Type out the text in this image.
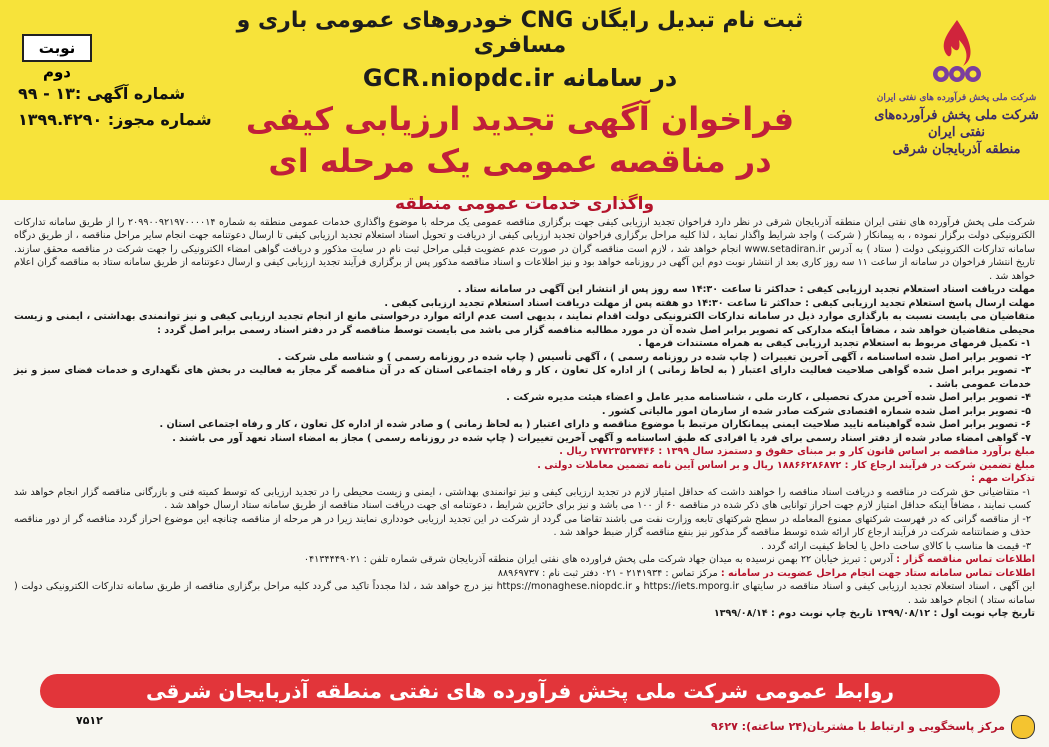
شرکت ملی پخش فرآورده های نفتی ایران
شرکت ملی پخش فرآورده‌های نفتی ایران
منطقه آذربایجان شرقی
ثبت نام تبدیل رایگان CNG خودروهای عمومی باری و مسافری
در سامانه GCR.niopdc.ir
فراخوان آگهی تجدید ارزیابی کیفی
در مناقصه عمومی یک مرحله ای
نوبت دوم
شماره آگهی :۱۳ - ۹۹
شماره مجوز: ۱۳۹۹.۴۲۹۰
واگذاری خدمات عمومی منطقه

شرکت ملی پخش فرآورده های نفتی ایران منطقه آذربایجان شرقی در نظر دارد فراخوان تجدید ارزیابی کیفی جهت برگزاری مناقصه عمومی یک مرحله با موضوع واگذاری خدمات عمومی منطقه به شماره ۲۰۹۹۰۰۹۲۱۹۷۰۰۰۰۱۴ را از طریق سامانه تدارکات الکترونیکی دولت برگزار نموده ، به پیمانکار ( شرکت ) واجد شرایط واگذار نماید ، لذا کلیه مراحل برگزاری فراخوان تجدید ارزیابی کیفی از دریافت و تحویل اسناد استعلام تجدید ارزیابی کیفی تا ارسال دعوتنامه جهت انجام سایر مراحل مناقصه ، از طریق درگاه سامانه تدارکات الکترونیکی دولت ( ستاد ) به آدرس www.setadiran.ir انجام خواهد شد ، لازم است مناقصه گران در صورت عدم عضویت قبلی مراحل ثبت نام در سایت مذکور و دریافت گواهی امضاء الکترونیکی را جهت شرکت در مناقصه محقق سازند. تاریخ انتشار فراخوان در سامانه از ساعت ۱۱ سه روز کاری بعد از انتشار نوبت دوم این آگهی در روزنامه خواهد بود و نیز اطلاعات و اسناد مناقصه مذکور پس از برگزاری فرآیند تجدید ارزیابی کیفی و ارسال دعوتنامه از طریق سامانه ستاد به مناقصه گران اعلام خواهد شد .

مهلت دریافت اسناد استعلام تجدید ارزیابی کیفی : حداکثر تا ساعت ۱۴:۳۰ سه روز پس از انتشار این آگهی در سامانه ستاد .

مهلت ارسال پاسخ استعلام تجدید ارزیابی کیفی : حداکثر تا ساعت ۱۴:۳۰ دو هفته پس از مهلت دریافت اسناد استعلام تجدید ارزیابی کیفی .

متقاضیان می بایست نسبت به بارگذاری موارد ذیل در سامانه تدارکات الکترونیکی دولت اقدام نمایند ، بدیهی است عدم ارائه موارد درخواستی مانع از انجام تجدید ارزیابی کیفی و نیز توانمندی بهداشتی ، ایمنی و زیست محیطی متقاضیان خواهد شد ، مضافاً اینکه مدارکی که تصویر برابر اصل شده آن در مورد مطالبه مناقصه گزار می باشد می بایست توسط مناقصه گر در دفتر اسناد رسمی برابر اصل گردد :

۱- تکمیل فرمهای مربوط به استعلام تجدید ارزیابی کیفی به همراه مستندات فرمها .

۲- تصویر برابر اصل شده اساسنامه ، آگهی آخرین تغییرات ( چاپ شده در روزنامه رسمی ) ، آگهی تأسیس ( چاپ شده در روزنامه رسمی ) و شناسه ملی شرکت .

۳- تصویر برابر اصل شده گواهی صلاحیت فعالیت دارای اعتبار ( به لحاظ زمانی ) از اداره کل تعاون ، کار و رفاه اجتماعی استان که در آن مناقصه گر مجاز به فعالیت در بخش های نگهداری و خدمات فضای سبز و نیز خدمات عمومی باشد .

۴- تصویر برابر اصل شده آخرین مدرک تحصیلی ، کارت ملی ، شناسنامه مدیر عامل و اعضاء هیئت مدیره شرکت .

۵- تصویر برابر اصل شده شماره اقتصادی شرکت صادر شده از سازمان امور مالیاتی کشور .

۶- تصویر برابر اصل شده گواهینامه تایید صلاحیت ایمنی پیمانکاران مرتبط با موضوع مناقصه و دارای اعتبار ( به لحاظ زمانی ) و صادر شده از اداره کل تعاون ، کار و رفاه اجتماعی استان .

۷- گواهی امضاء صادر شده از دفتر اسناد رسمی برای فرد یا افرادی که طبق اساسنامه و آگهی آخرین تغییرات ( چاپ شده در روزنامه رسمی ) مجاز به امضاء اسناد تعهد آور می باشند .

مبلغ برآورد مناقصه بر اساس قانون کار و بر مبنای حقوق و دستمزد سال ۱۳۹۹ : ۲۷۷۲۳۵۳۷۴۴۶ ریال .

مبلغ تضمین شرکت در فرآیند ارجاع کار : ۱۸۸۶۶۲۸۶۸۷۲ ریال و بر اساس آیین نامه تضمین معاملات دولتی .

تذکرات مهم :

۱- متقاضیانی حق شرکت در مناقصه و دریافت اسناد مناقصه را خواهند داشت که حداقل امتیاز لازم در تجدید ارزیابی کیفی و نیز توانمندی بهداشتی ، ایمنی و زیست محیطی را در تجدید ارزیابی که توسط کمیته فنی و بازرگانی مناقصه گزار انجام خواهد شد کسب نمایند ، مضافاً اینکه حداقل امتیاز لازم جهت احراز توانایی های ذکر شده در مناقصه ۶۰ از ۱۰۰ می باشد و نیز برای حائزین شرایط ، دعوتنامه ای جهت دریافت اسناد مناقصه از طریق سامانه ستاد ارسال خواهد شد .

۲- از مناقصه گرانی که در فهرست شرکتهای ممنوع المعامله در سطح شرکتهای تابعه وزارت نفت می باشند تقاضا می گردد از شرکت در این تجدید ارزیابی خودداری نمایند زیرا در هر مرحله از مناقصه چنانچه این موضوع احراز گردد مناقصه گر از دور مناقصه حذف و ضمانتنامه شرکت در فرآیند ارجاع کار ارائه شده توسط مناقصه گر مذکور نیز بنفع مناقصه گزار ضبط خواهد شد .

۳- قیمت ها مناسب با کالای ساخت داخل یا لحاظ کیفیت ارائه گردد .

اطلاعات تماس مناقصه گزار : آدرس : تبریز خیابان ۲۲ بهمن نرسیده به میدان جهاد شرکت ملی پخش فراورده های نفتی ایران منطقه آذربایجان شرقی شماره تلفن : ۰۴۱۳۴۴۴۹۰۲۱

اطلاعات تماس سامانه ستاد جهت انجام مراحل عضویت در سامانه : مرکز تماس : ۲۱۴۱۹۳۴ - ۰۲۱ دفتر ثبت نام : ۸۸۹۶۹۷۳۷

این آگهی ، اسناد استعلام تجدید ارزیابی کیفی و اسناد مناقصه در سایتهای https://iets.mporg.ir و https://monaghese.niopdc.ir نیز درج خواهد شد ، لذا مجدداً تاکید می گردد کلیه مراحل برگزاری مناقصه از طریق سامانه تدارکات الکترونیکی دولت ( سامانه ستاد ) انجام خواهد شد .

تاریخ چاپ نوبت اول : ۱۳۹۹/۰۸/۱۲ تاریخ چاپ نوبت دوم : ۱۳۹۹/۰۸/۱۴

روابط عمومی شرکت ملی پخش فرآورده های نفتی منطقه آذربایجان شرقی
۷۵۱۲	مرکز پاسخگویی و ارتباط با مشتریان(۲۴ ساعته): ۹۶۲۷
